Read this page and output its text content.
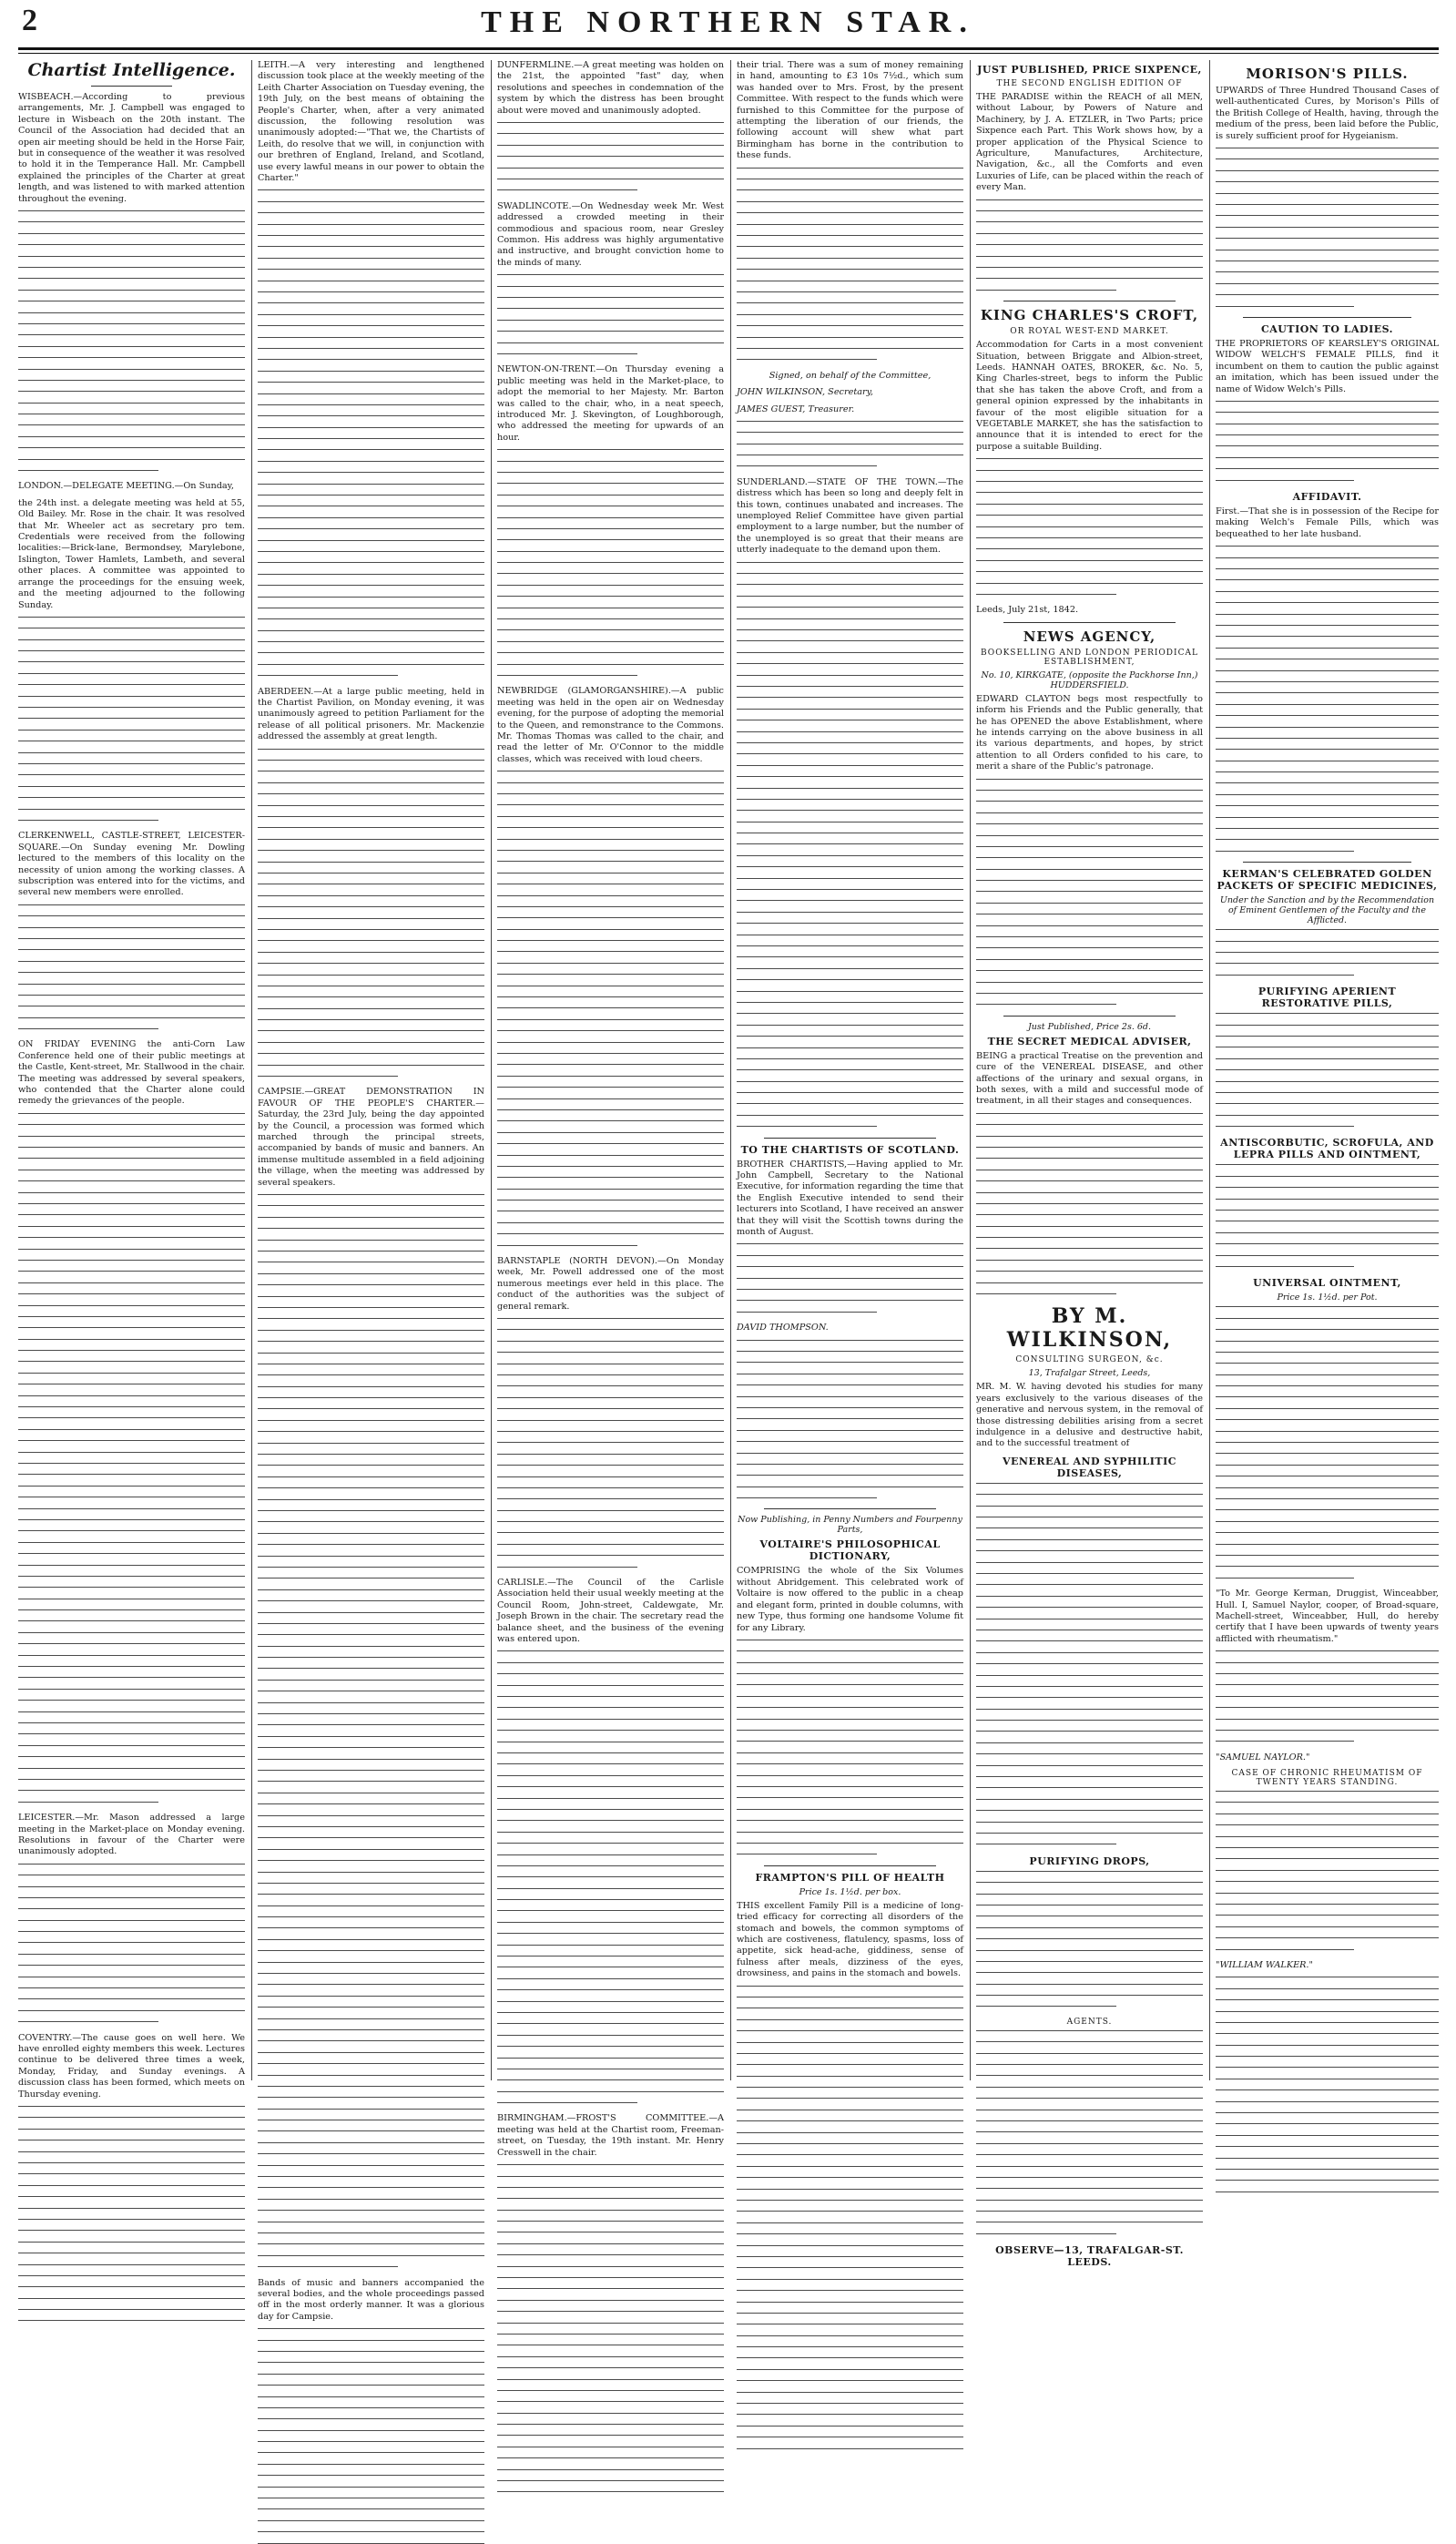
2	THE NORTHERN STAR.
Chartist Intelligence.

WISBEACH.—According to previous arrangements, Mr. J. Campbell was engaged to lecture in Wisbeach on the 20th instant. The Council of the Association had decided that an open air meeting should be held in the Horse Fair, but in consequence of the weather it was resolved to hold it in the Temperance Hall. Mr. Campbell explained the principles of the Charter at great length, and was listened to with marked attention throughout the evening.

LONDON.—DELEGATE MEETING.—On Sunday,

the 24th inst. a delegate meeting was held at 55, Old Bailey. Mr. Rose in the chair. It was resolved that Mr. Wheeler act as secretary pro tem. Credentials were received from the following localities:—Brick-lane, Bermondsey, Marylebone, Islington, Tower Hamlets, Lambeth, and several other places. A committee was appointed to arrange the proceedings for the ensuing week, and the meeting adjourned to the following Sunday.

CLERKENWELL, CASTLE-STREET, LEICESTER-SQUARE.—On Sunday evening Mr. Dowling lectured to the members of this locality on the necessity of union among the working classes. A subscription was entered into for the victims, and several new members were enrolled.

ON FRIDAY EVENING the anti-Corn Law Conference held one of their public meetings at the Castle, Kent-street, Mr. Stallwood in the chair. The meeting was addressed by several speakers, who contended that the Charter alone could remedy the grievances of the people.

LEICESTER.—Mr. Mason addressed a large meeting in the Market-place on Monday evening. Resolutions in favour of the Charter were unanimously adopted.

COVENTRY.—The cause goes on well here. We have enrolled eighty members this week. Lectures continue to be delivered three times a week, Monday, Friday, and Sunday evenings. A discussion class has been formed, which meets on Thursday evening.

LEITH.—A very interesting and lengthened discussion took place at the weekly meeting of the Leith Charter Association on Tuesday evening, the 19th July, on the best means of obtaining the People's Charter, when, after a very animated discussion, the following resolution was unanimously adopted:—"That we, the Chartists of Leith, do resolve that we will, in conjunction with our brethren of England, Ireland, and Scotland, use every lawful means in our power to obtain the Charter."

ABERDEEN.—At a large public meeting, held in the Chartist Pavilion, on Monday evening, it was unanimously agreed to petition Parliament for the release of all political prisoners. Mr. Mackenzie addressed the assembly at great length.

CAMPSIE.—GREAT DEMONSTRATION IN FAVOUR OF THE PEOPLE'S CHARTER.—Saturday, the 23rd July, being the day appointed by the Council, a procession was formed which marched through the principal streets, accompanied by bands of music and banners. An immense multitude assembled in a field adjoining the village, when the meeting was addressed by several speakers.

Bands of music and banners accompanied the several bodies, and the whole proceedings passed off in the most orderly manner. It was a glorious day for Campsie.

DUNFERMLINE.—A great meeting was holden on the 21st, the appointed "fast" day, when resolutions and speeches in condemnation of the system by which the distress has been brought about were moved and unanimously adopted.

SWADLINCOTE.—On Wednesday week Mr. West addressed a crowded meeting in their commodious and spacious room, near Gresley Common. His address was highly argumentative and instructive, and brought conviction home to the minds of many.

NEWTON-ON-TRENT.—On Thursday evening a public meeting was held in the Market-place, to adopt the memorial to her Majesty. Mr. Barton was called to the chair, who, in a neat speech, introduced Mr. J. Skevington, of Loughborough, who addressed the meeting for upwards of an hour.

NEWBRIDGE (GLAMORGANSHIRE).—A public meeting was held in the open air on Wednesday evening, for the purpose of adopting the memorial to the Queen, and remonstrance to the Commons. Mr. Thomas Thomas was called to the chair, and read the letter of Mr. O'Connor to the middle classes, which was received with loud cheers.

BARNSTAPLE (NORTH DEVON).—On Monday week, Mr. Powell addressed one of the most numerous meetings ever held in this place. The conduct of the authorities was the subject of general remark.

CARLISLE.—The Council of the Carlisle Association held their usual weekly meeting at the Council Room, John-street, Caldewgate, Mr. Joseph Brown in the chair. The secretary read the balance sheet, and the business of the evening was entered upon.

BIRMINGHAM.—FROST'S COMMITTEE.—A meeting was held at the Chartist room, Freeman-street, on Tuesday, the 19th instant. Mr. Henry Cresswell in the chair.

their trial. There was a sum of money remaining in hand, amounting to £3 10s 7½d., which sum was handed over to Mrs. Frost, by the present Committee. With respect to the funds which were furnished to this Committee for the purpose of attempting the liberation of our friends, the following account will shew what part Birmingham has borne in the contribution to these funds.

Signed, on behalf of the Committee,

JOHN WILKINSON, Secretary,

JAMES GUEST, Treasurer.

SUNDERLAND.—STATE OF THE TOWN.—The distress which has been so long and deeply felt in this town, continues unabated and increases. The unemployed Relief Committee have given partial employment to a large number, but the number of the unemployed is so great that their means are utterly inadequate to the demand upon them.

TO THE CHARTISTS OF SCOTLAND.

BROTHER CHARTISTS,—Having applied to Mr. John Campbell, Secretary to the National Executive, for information regarding the time that the English Executive intended to send their lecturers into Scotland, I have received an answer that they will visit the Scottish towns during the month of August.

DAVID THOMPSON.

Now Publishing, in Penny Numbers and Fourpenny Parts,
VOLTAIRE'S PHILOSOPHICAL DICTIONARY,

COMPRISING the whole of the Six Volumes without Abridgement. This celebrated work of Voltaire is now offered to the public in a cheap and elegant form, printed in double columns, with new Type, thus forming one handsome Volume fit for any Library.

FRAMPTON'S PILL OF HEALTH
Price 1s. 1½d. per box.

THIS excellent Family Pill is a medicine of long-tried efficacy for correcting all disorders of the stomach and bowels, the common symptoms of which are costiveness, flatulency, spasms, loss of appetite, sick head-ache, giddiness, sense of fulness after meals, dizziness of the eyes, drowsiness, and pains in the stomach and bowels.

JUST PUBLISHED, PRICE SIXPENCE,
THE SECOND ENGLISH EDITION OF

THE PARADISE within the REACH of all MEN, without Labour, by Powers of Nature and Machinery, by J. A. ETZLER, in Two Parts; price Sixpence each Part. This Work shows how, by a proper application of the Physical Science to Agriculture, Manufactures, Architecture, Navigation, &c., all the Comforts and even Luxuries of Life, can be placed within the reach of every Man.

KING CHARLES'S CROFT,
OR ROYAL WEST-END MARKET.

Accommodation for Carts in a most convenient Situation, between Briggate and Albion-street, Leeds. HANNAH OATES, BROKER, &c. No. 5, King Charles-street, begs to inform the Public that she has taken the above Croft, and from a general opinion expressed by the inhabitants in favour of the most eligible situation for a VEGETABLE MARKET, she has the satisfaction to announce that it is intended to erect for the purpose a suitable Building.

Leeds, July 21st, 1842.

NEWS AGENCY,
BOOKSELLING AND LONDON PERIODICAL ESTABLISHMENT,
No. 10, KIRKGATE, (opposite the Packhorse Inn,) HUDDERSFIELD.

EDWARD CLAYTON begs most respectfully to inform his Friends and the Public generally, that he has OPENED the above Establishment, where he intends carrying on the above business in all its various departments, and hopes, by strict attention to all Orders confided to his care, to merit a share of the Public's patronage.

Just Published, Price 2s. 6d.
THE SECRET MEDICAL ADVISER,

BEING a practical Treatise on the prevention and cure of the VENEREAL DISEASE, and other affections of the urinary and sexual organs, in both sexes, with a mild and successful mode of treatment, in all their stages and consequences.

BY M. WILKINSON,
CONSULTING SURGEON, &c.
13, Trafalgar Street, Leeds,

MR. M. W. having devoted his studies for many years exclusively to the various diseases of the generative and nervous system, in the removal of those distressing debilities arising from a secret indulgence in a delusive and destructive habit, and to the successful treatment of

VENEREAL AND SYPHILITIC DISEASES,
PURIFYING DROPS,
AGENTS.
OBSERVE—13, TRAFALGAR-ST. LEEDS.
MORISON'S PILLS.

UPWARDS of Three Hundred Thousand Cases of well-authenticated Cures, by Morison's Pills of the British College of Health, having, through the medium of the press, been laid before the Public, is surely sufficient proof for Hygeianism.

CAUTION TO LADIES.

THE PROPRIETORS OF KEARSLEY'S ORIGINAL WIDOW WELCH'S FEMALE PILLS, find it incumbent on them to caution the public against an imitation, which has been issued under the name of Widow Welch's Pills.

AFFIDAVIT.

First.—That she is in possession of the Recipe for making Welch's Female Pills, which was bequeathed to her late husband.

KERMAN'S CELEBRATED GOLDEN PACKETS OF SPECIFIC MEDICINES,
Under the Sanction and by the Recommendation of Eminent Gentlemen of the Faculty and the Afflicted.
PURIFYING APERIENT RESTORATIVE PILLS,
ANTISCORBUTIC, SCROFULA, AND LEPRA PILLS AND OINTMENT,
UNIVERSAL OINTMENT,
Price 1s. 1½d. per Pot.

"To Mr. George Kerman, Druggist, Winceabber, Hull. I, Samuel Naylor, cooper, of Broad-square, Machell-street, Winceabber, Hull, do hereby certify that I have been upwards of twenty years afflicted with rheumatism."

"SAMUEL NAYLOR."

CASE OF CHRONIC RHEUMATISM OF TWENTY YEARS STANDING.

"WILLIAM WALKER."
